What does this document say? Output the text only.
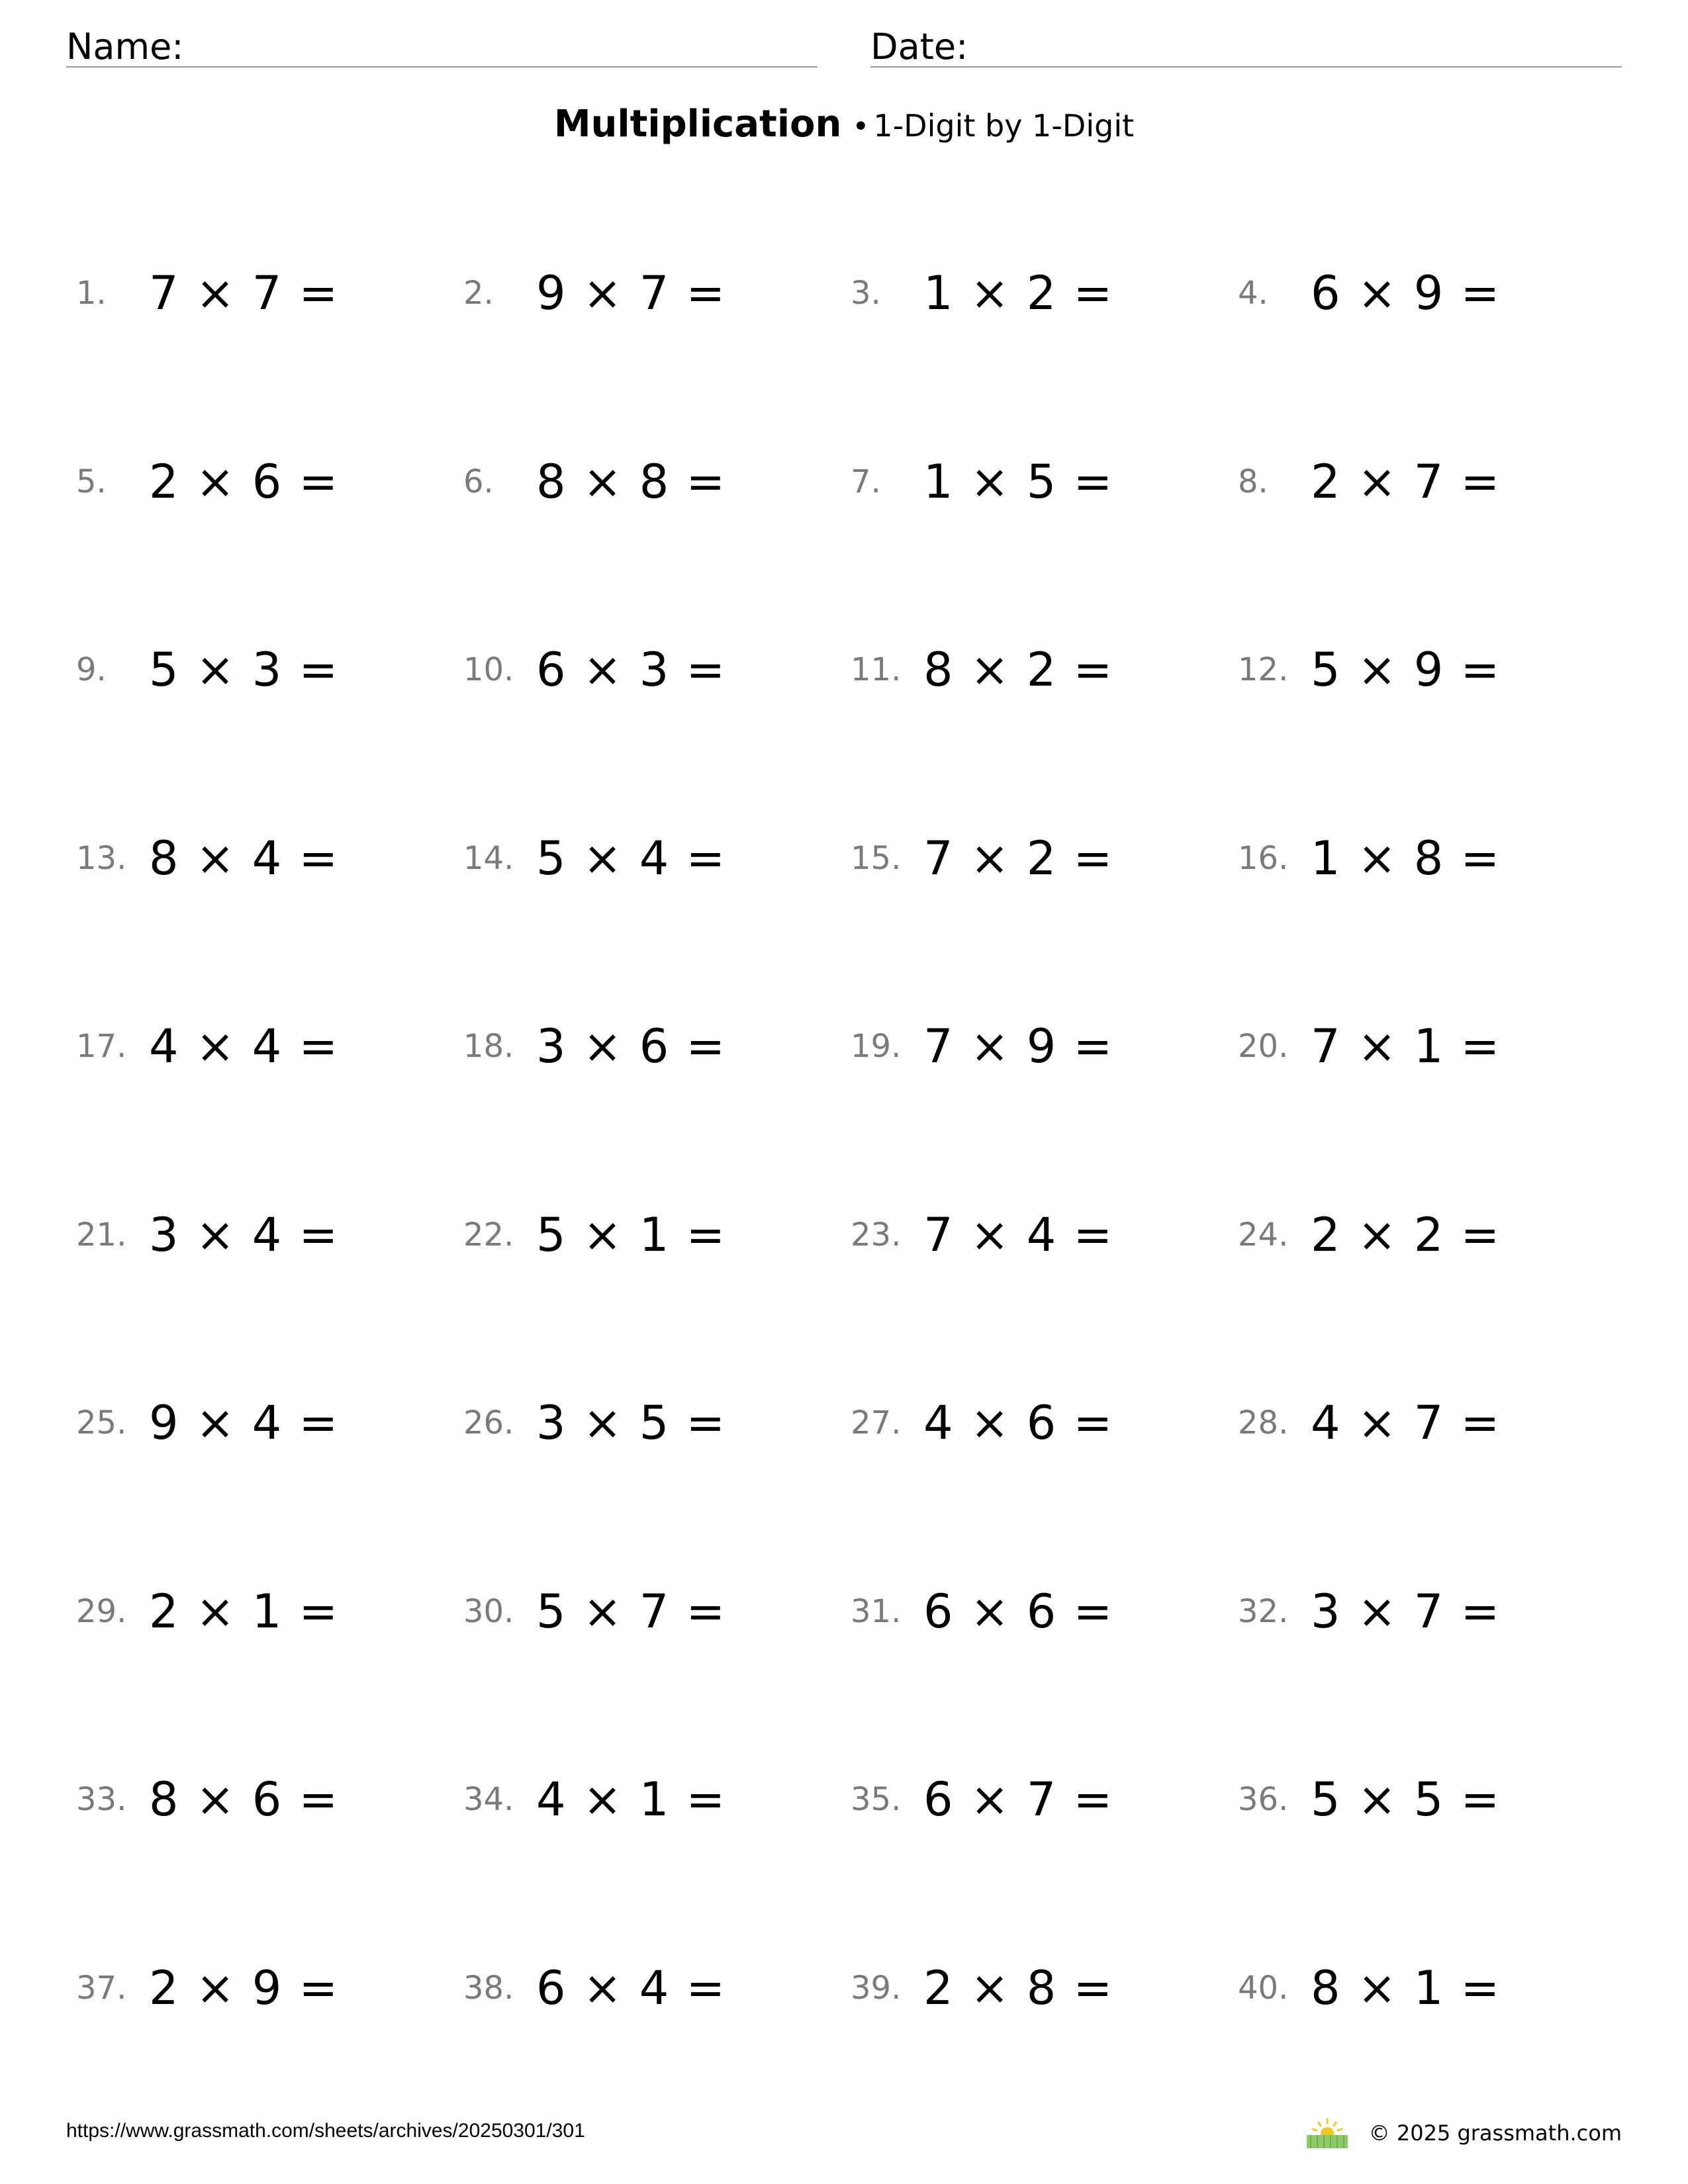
Name:	Date:
Multiplication • 1-Digit by 1-Digit
1. 7 × 7 =	2. 9 × 7 =	3. 1 × 2 =	4. 6 × 9 =
5. 2 × 6 =	6. 8 × 8 =	7. 1 × 5 =	8. 2 × 7 =
9. 5 × 3 =	10. 6 × 3 =	11. 8 × 2 =	12. 5 × 9 =
13. 8 × 4 =	14. 5 × 4 =	15. 7 × 2 =	16. 1 × 8 =
17. 4 × 4 =	18. 3 × 6 =	19. 7 × 9 =	20. 7 × 1 =
21. 3 × 4 =	22. 5 × 1 =	23. 7 × 4 =	24. 2 × 2 =
25. 9 × 4 =	26. 3 × 5 =	27. 4 × 6 =	28. 4 × 7 =
29. 2 × 1 =	30. 5 × 7 =	31. 6 × 6 =	32. 3 × 7 =
33. 8 × 6 =	34. 4 × 1 =	35. 6 × 7 =	36. 5 × 5 =
37. 2 × 9 =	38. 6 × 4 =	39. 2 × 8 =	40. 8 × 1 =
https://www.grassmath.com/sheets/archives/20250301/301	© 2025 grassmath.com
